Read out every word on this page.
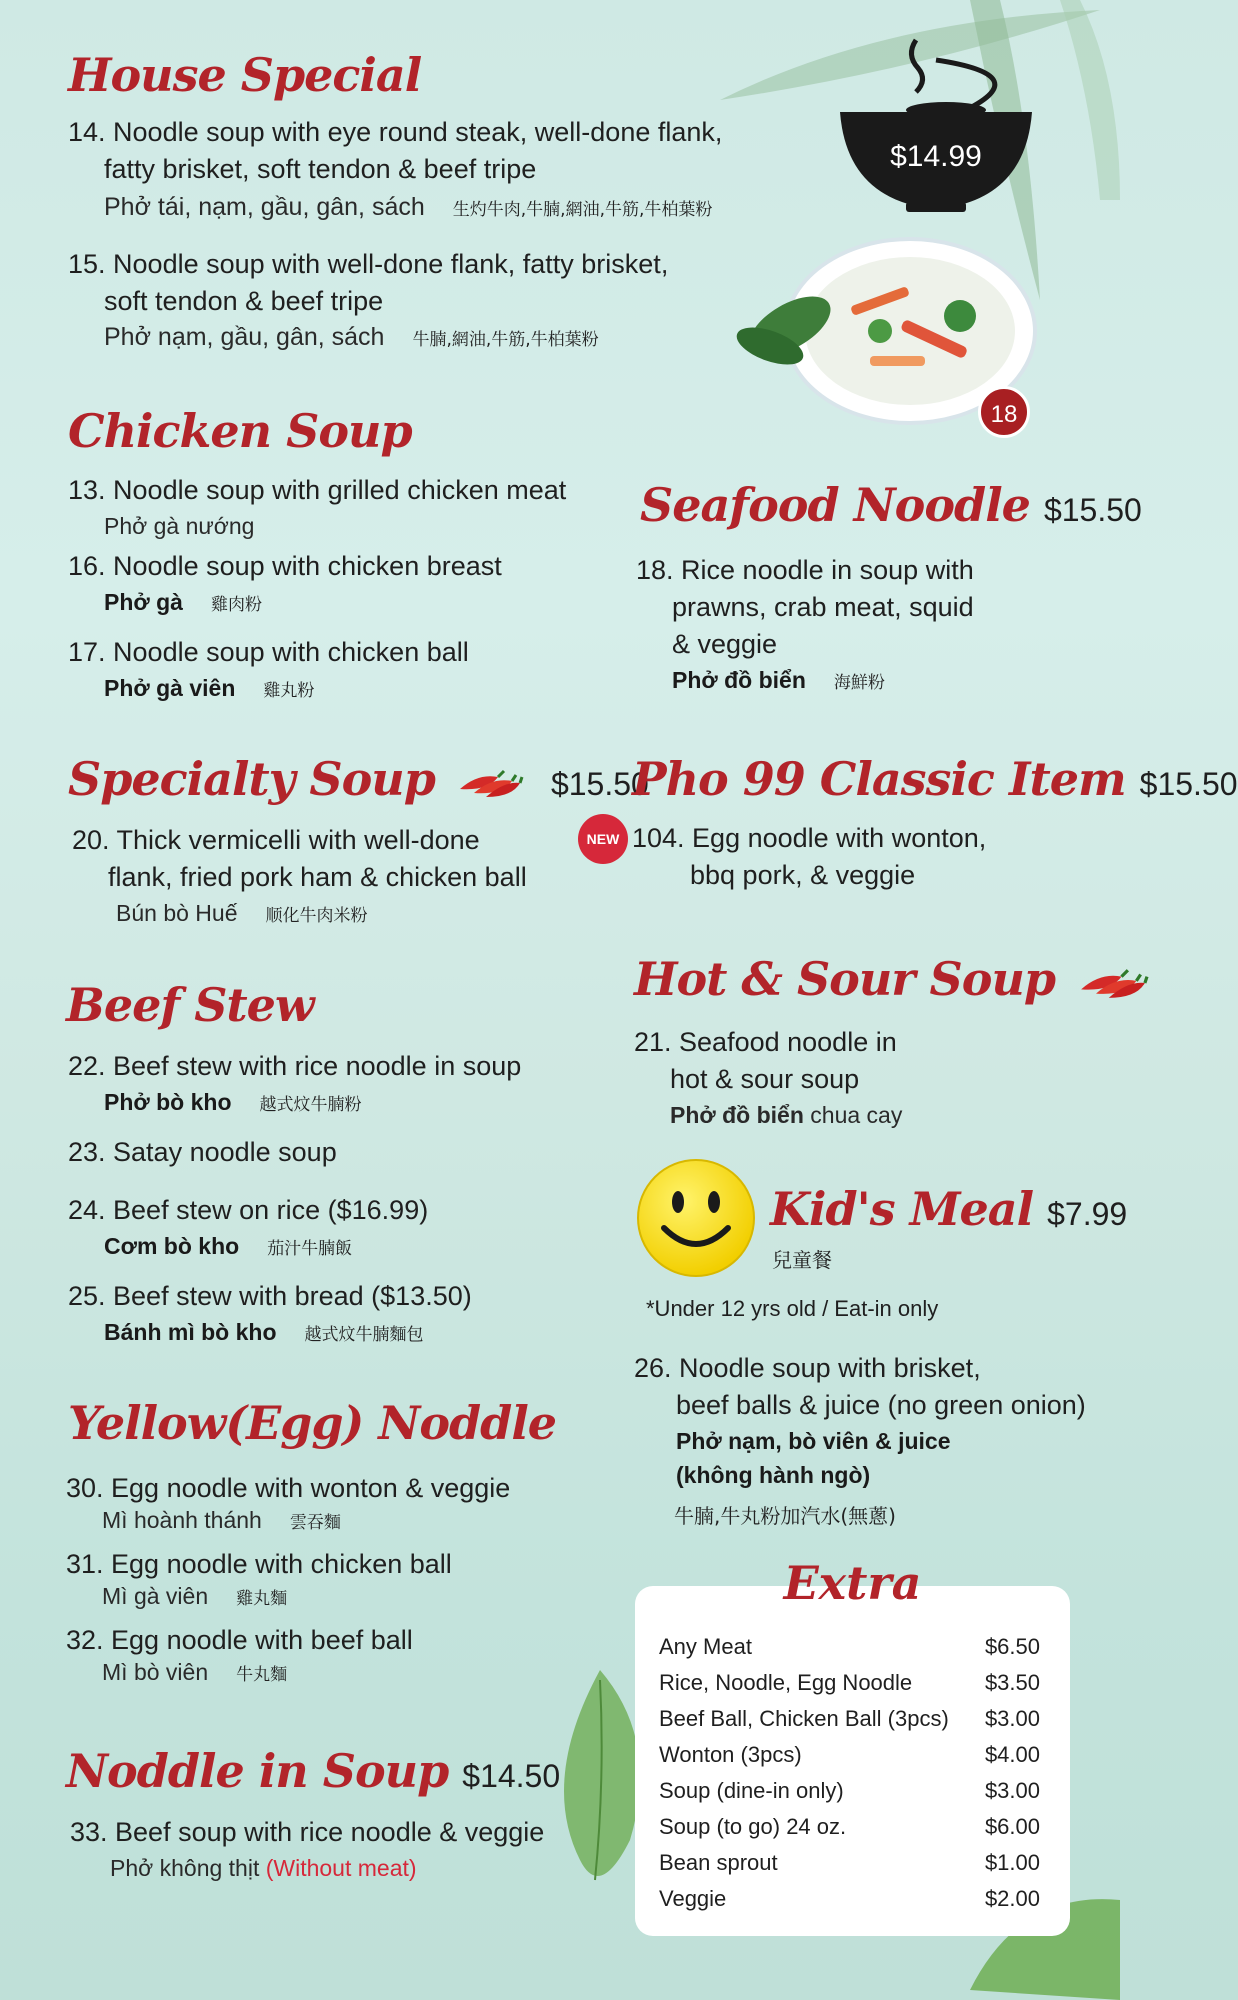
House Special
14. Noodle soup with eye round steak, well-done flank,
fatty brisket, soft tendon & beef tripe
Phở tái, nạm, gầu, gân, sách 生灼牛肉,牛腩,網油,牛筋,牛柏葉粉
15. Noodle soup with well-done flank, fatty brisket,
soft tendon & beef tripe
Phở nạm, gầu, gân, sách 牛腩,網油,牛筋,牛柏葉粉
$14.99
18
Chicken Soup
13. Noodle soup with grilled chicken meat
Phở gà nướng
16. Noodle soup with chicken breast
Phở gà 雞肉粉
17. Noodle soup with chicken ball
Phở gà viên 雞丸粉
Seafood Noodle $15.50
18. Rice noodle in soup with
prawns, crab meat, squid
& veggie
Phở đồ biển 海鮮粉
Specialty Soup	$15.50
20. Thick vermicelli with well-done
flank, fried pork ham & chicken ball
Bún bò Huế 顺化牛肉米粉
Pho 99 Classic Item $15.50
NEW 104. Egg noodle with wonton,
bbq pork, & veggie
Hot & Sour Soup
21. Seafood noodle in
hot & sour soup
Phở đồ biển chua cay
Beef Stew
22. Beef stew with rice noodle in soup
Phở bò kho 越式炆牛腩粉
23. Satay noodle soup
24. Beef stew on rice ($16.99)
Cơm bò kho 茄汁牛腩飯
25. Beef stew with bread ($13.50)
Bánh mì bò kho 越式炆牛腩麵包
Kid's Meal $7.99
兒童餐
*Under 12 yrs old / Eat-in only
26. Noodle soup with brisket,
beef balls & juice (no green onion)
Phở nạm, bò viên & juice
(không hành ngò)
牛腩,牛丸粉加汽水(無蔥)
Yellow(Egg) Noddle
30. Egg noodle with wonton & veggie
Mì hoành thánh 雲吞麵
31. Egg noodle with chicken ball
Mì gà viên 雞丸麵
32. Egg noodle with beef ball
Mì bò viên 牛丸麵
Noddle in Soup $14.50
33. Beef soup with rice noodle & veggie
Phở không thịt (Without meat)
Extra
Any Meat	$6.50
Rice, Noodle, Egg Noodle	$3.50
Beef Ball, Chicken Ball (3pcs) $3.00
Wonton (3pcs)	$4.00
Soup (dine-in only)	$3.00
Soup (to go) 24 oz.	$6.00
Bean sprout	$1.00
Veggie	$2.00
